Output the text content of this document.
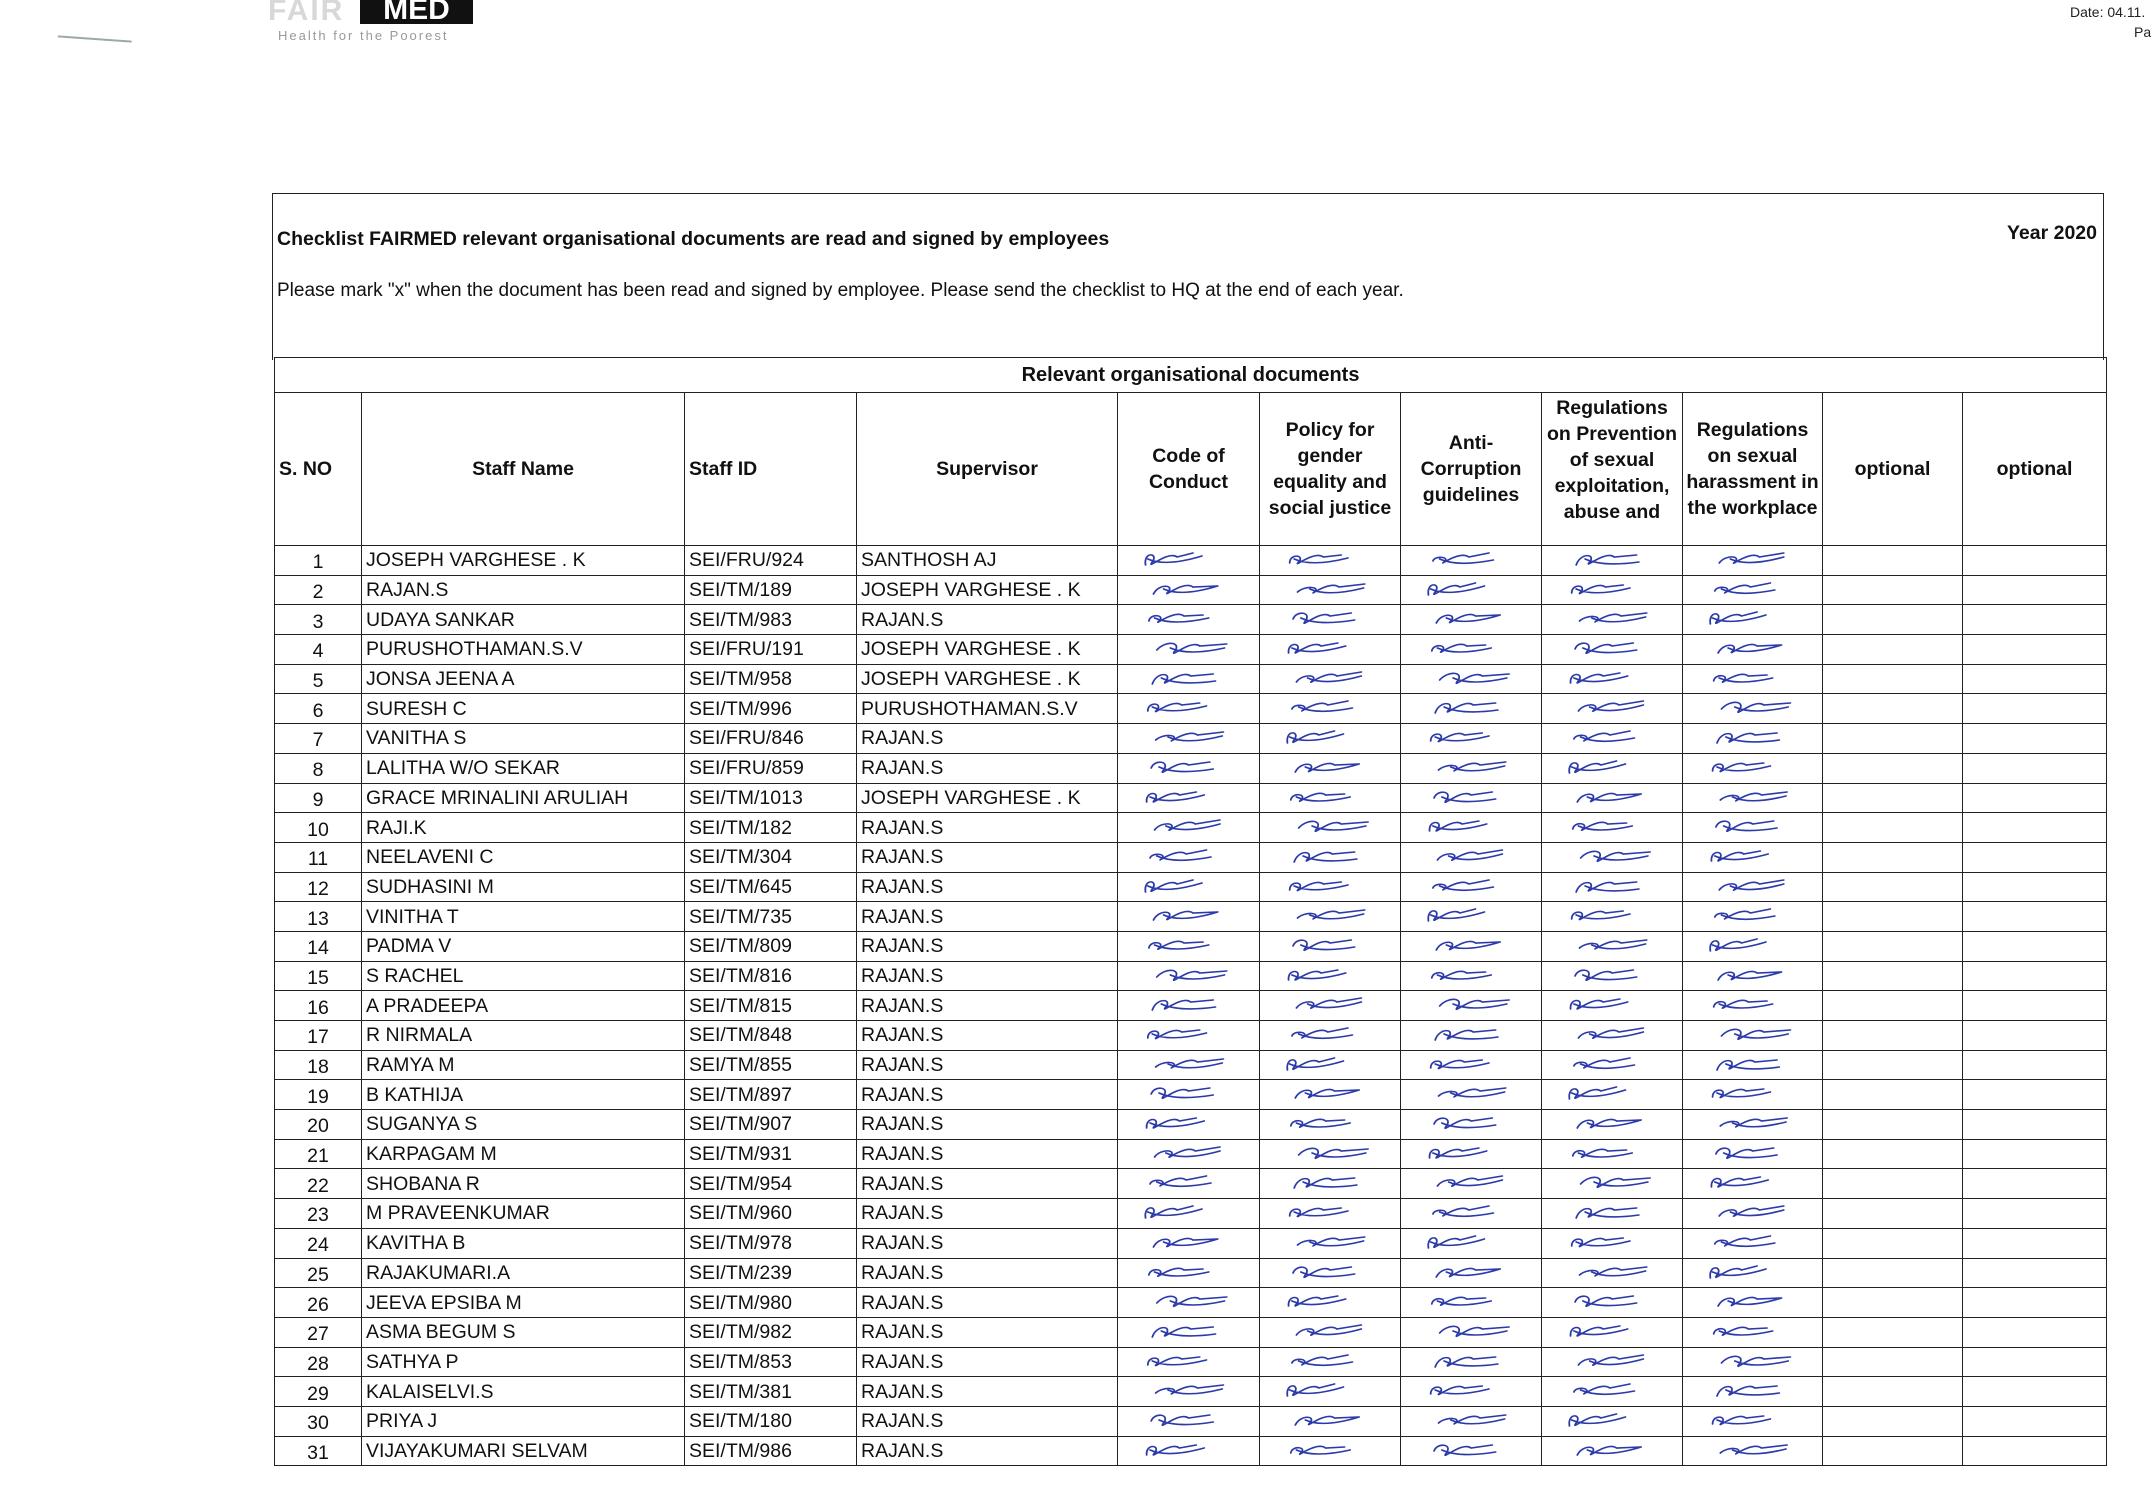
FAIR	MED
Health for the Poorest
Date: 04.11.
Pa
Checklist FAIRMED relevant organisational documents are read and signed by employees	Year 2020
Please mark "x" when the document has been read and signed by employee. Please send the checklist to HQ at the end of each year.
Relevant organisational documents										
S. NO	Staff Name	Staff ID	Supervisor	Code of Conduct	Policy for gender equality and social justice	Anti-Corruption guidelines	Regulations on Prevention of sexual exploitation, abuse and	Regulations on sexual harassment in the workplace	optional	optional
1	JOSEPH VARGHESE . K	SEI/FRU/924	SANTHOSH AJ	

2	RAJAN.S	SEI/TM/189	JOSEPH VARGHESE . K	

3	UDAYA SANKAR	SEI/TM/983	RAJAN.S	

4	PURUSHOTHAMAN.S.V	SEI/FRU/191	JOSEPH VARGHESE . K	

5	JONSA JEENA A	SEI/TM/958	JOSEPH VARGHESE . K	

6	SURESH C	SEI/TM/996	PURUSHOTHAMAN.S.V	

7	VANITHA S	SEI/FRU/846	RAJAN.S	

8	LALITHA W/O SEKAR	SEI/FRU/859	RAJAN.S	

9	GRACE MRINALINI ARULIAH	SEI/TM/1013	JOSEPH VARGHESE . K	

10	RAJI.K	SEI/TM/182	RAJAN.S	

11	NEELAVENI C	SEI/TM/304	RAJAN.S	

12	SUDHASINI M	SEI/TM/645	RAJAN.S	

13	VINITHA T	SEI/TM/735	RAJAN.S	

14	PADMA V	SEI/TM/809	RAJAN.S	

15	S RACHEL	SEI/TM/816	RAJAN.S	

16	A PRADEEPA	SEI/TM/815	RAJAN.S	

17	R NIRMALA	SEI/TM/848	RAJAN.S	

18	RAMYA M	SEI/TM/855	RAJAN.S	

19	B KATHIJA	SEI/TM/897	RAJAN.S	

20	SUGANYA S	SEI/TM/907	RAJAN.S	

21	KARPAGAM M	SEI/TM/931	RAJAN.S	

22	SHOBANA R	SEI/TM/954	RAJAN.S	

23	M PRAVEENKUMAR	SEI/TM/960	RAJAN.S	

24	KAVITHA B	SEI/TM/978	RAJAN.S	

25	RAJAKUMARI.A	SEI/TM/239	RAJAN.S	

26	JEEVA EPSIBA M	SEI/TM/980	RAJAN.S	

27	ASMA BEGUM S	SEI/TM/982	RAJAN.S	

28	SATHYA P	SEI/TM/853	RAJAN.S	

29	KALAISELVI.S	SEI/TM/381	RAJAN.S	

30	PRIYA J	SEI/TM/180	RAJAN.S	

31	VIJAYAKUMARI SELVAM	SEI/TM/986	RAJAN.S	
